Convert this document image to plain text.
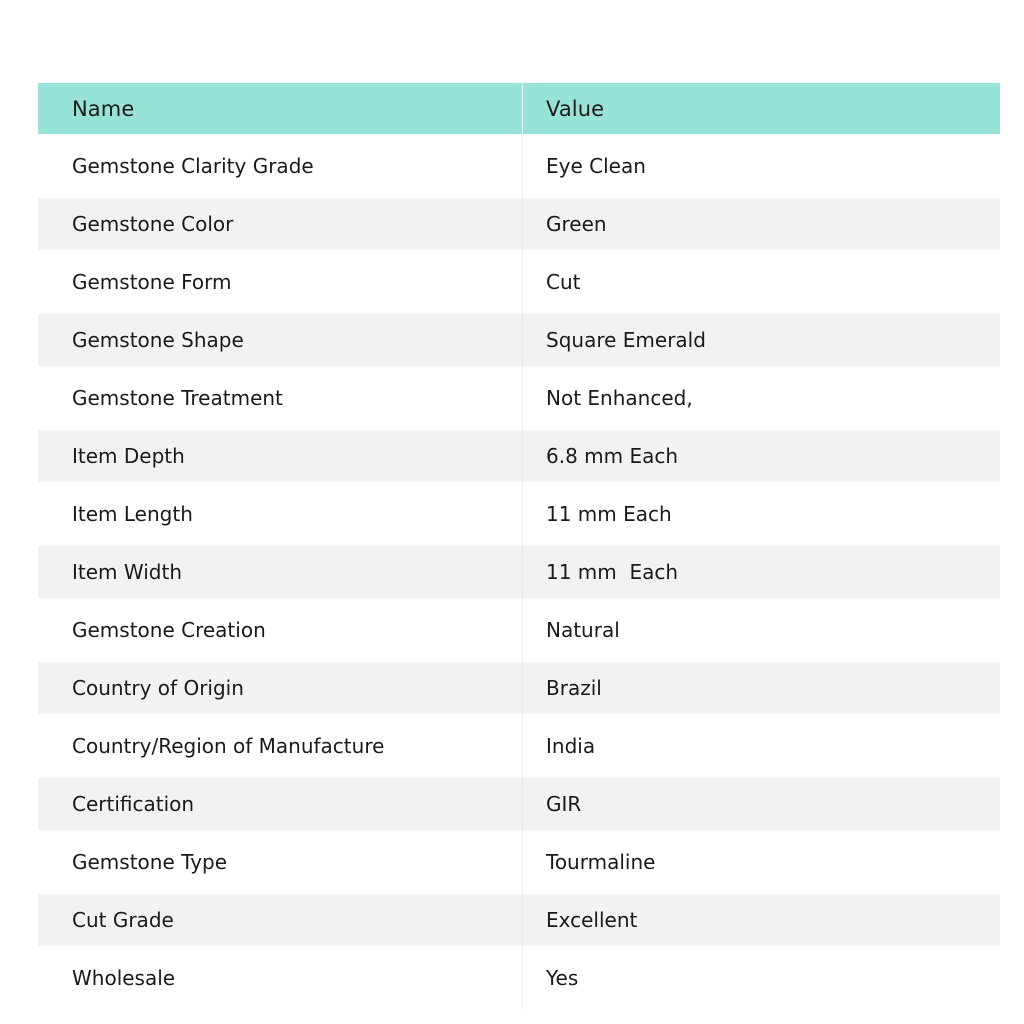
Name	Value
Gemstone Clarity Grade	Eye Clean
Gemstone Color	Green
Gemstone Form	Cut
Gemstone Shape	Square Emerald
Gemstone Treatment	Not Enhanced,
Item Depth	6.8 mm Each
Item Length	11 mm Each
Item Width	11 mm  Each
Gemstone Creation	Natural
Country of Origin	Brazil
Country/Region of Manufacture	India
Certification	GIR
Gemstone Type	Tourmaline
Cut Grade	Excellent
Wholesale	Yes
